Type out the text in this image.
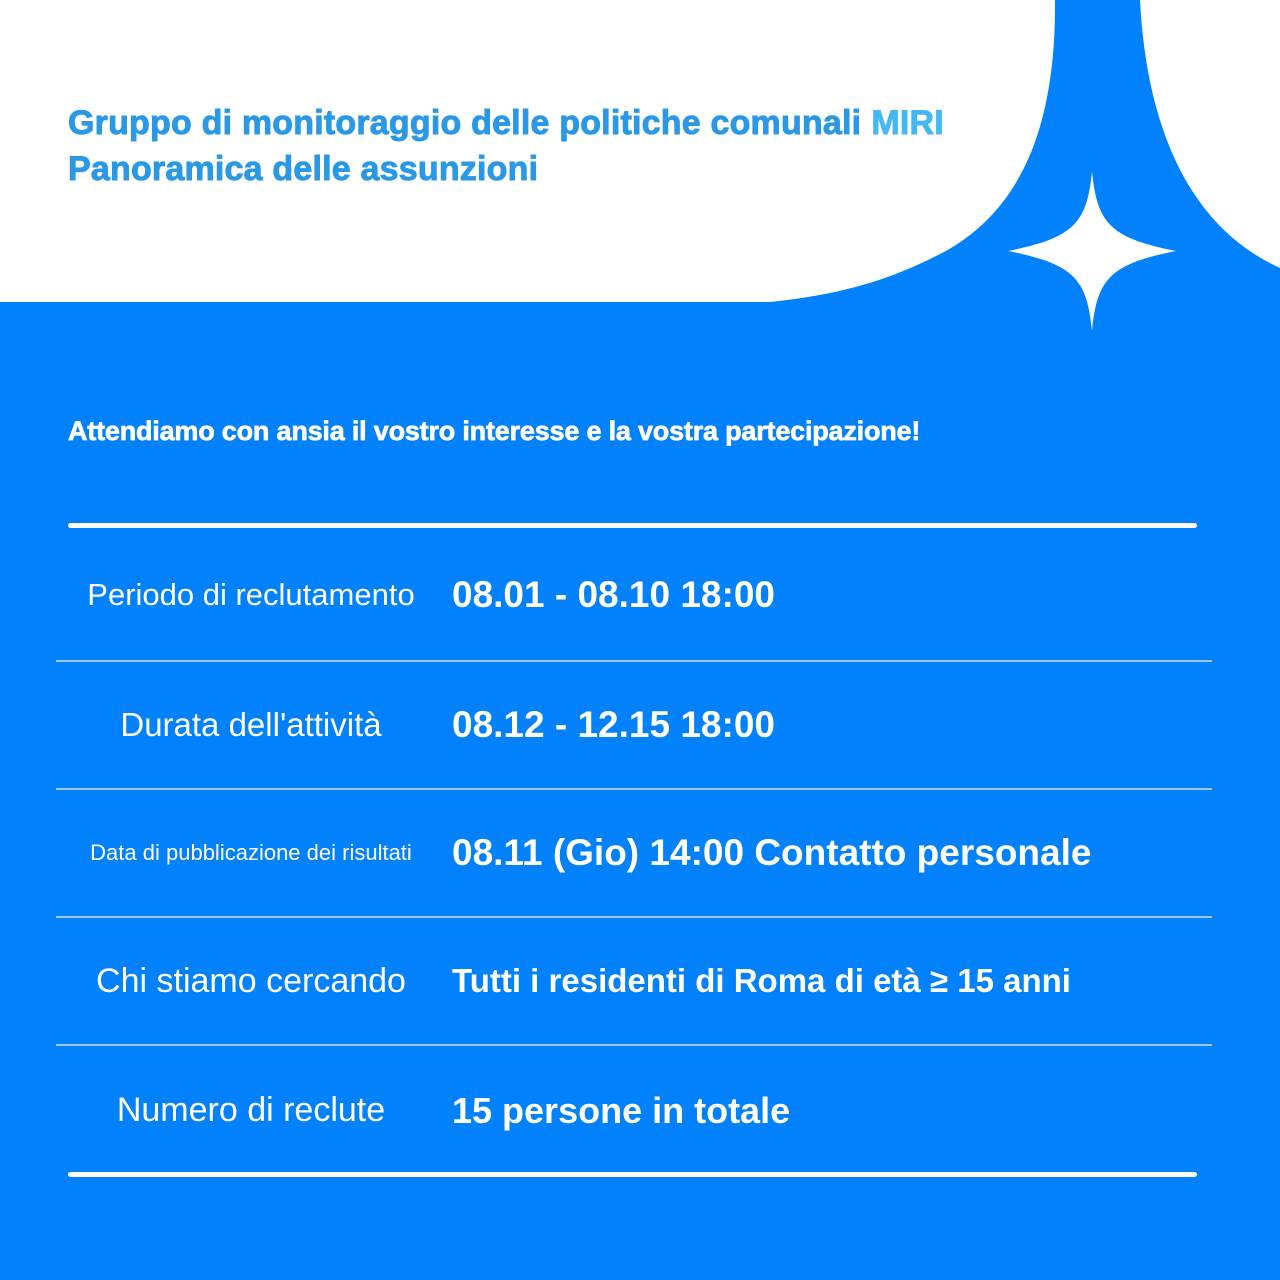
Gruppo di monitoraggio delle politiche comunali MIRI
Panoramica delle assunzioni
Attendiamo con ansia il vostro interesse e la vostra partecipazione!
Periodo di reclutamento	08.01 - 08.10 18:00
Durata dell'attività	08.12 - 12.15 18:00
Data di pubblicazione dei risultati	08.11 (Gio) 14:00 Contatto personale
Chi stiamo cercando	Tutti i residenti di Roma di età ≥ 15 anni
Numero di reclute	15 persone in totale
